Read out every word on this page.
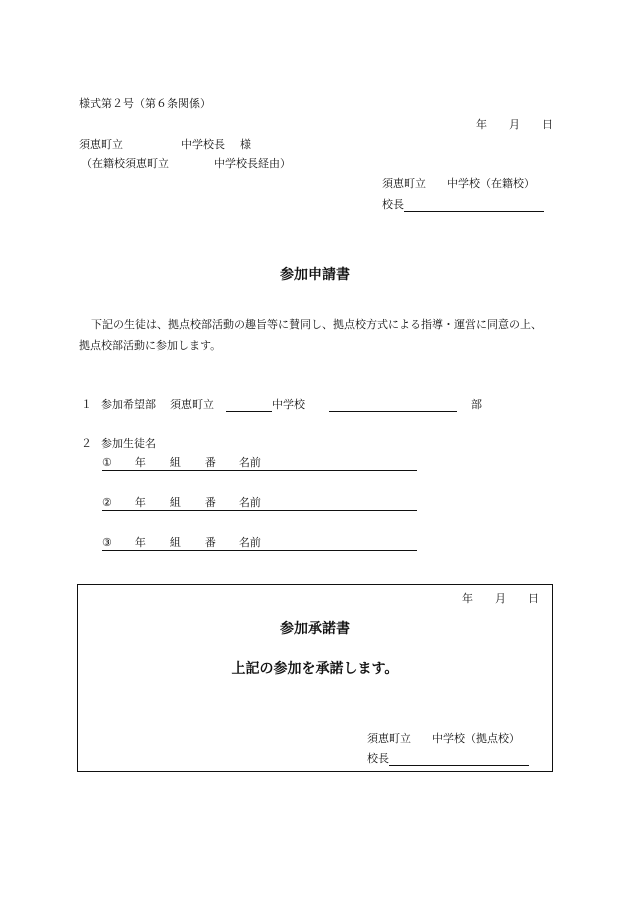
様式第２号（第６条関係）
年 月 日
須恵町立	中学校長 様
（在籍校須恵町立	中学校長経由）
須恵町立 中学校（在籍校）
校長
参加申請書
下記の生徒は、拠点校部活動の趣旨等に賛同し、拠点校方式による指導・運営に同意の上、
拠点校部活動に参加します。
１ 参加希望部 須恵町立	中学校	部
２ 参加生徒名
① 年 組 番 名前
② 年 組 番 名前
③ 年 組 番 名前
年 月 日
参加承諾書
上記の参加を承諾します。
須恵町立 中学校（拠点校）
校長
